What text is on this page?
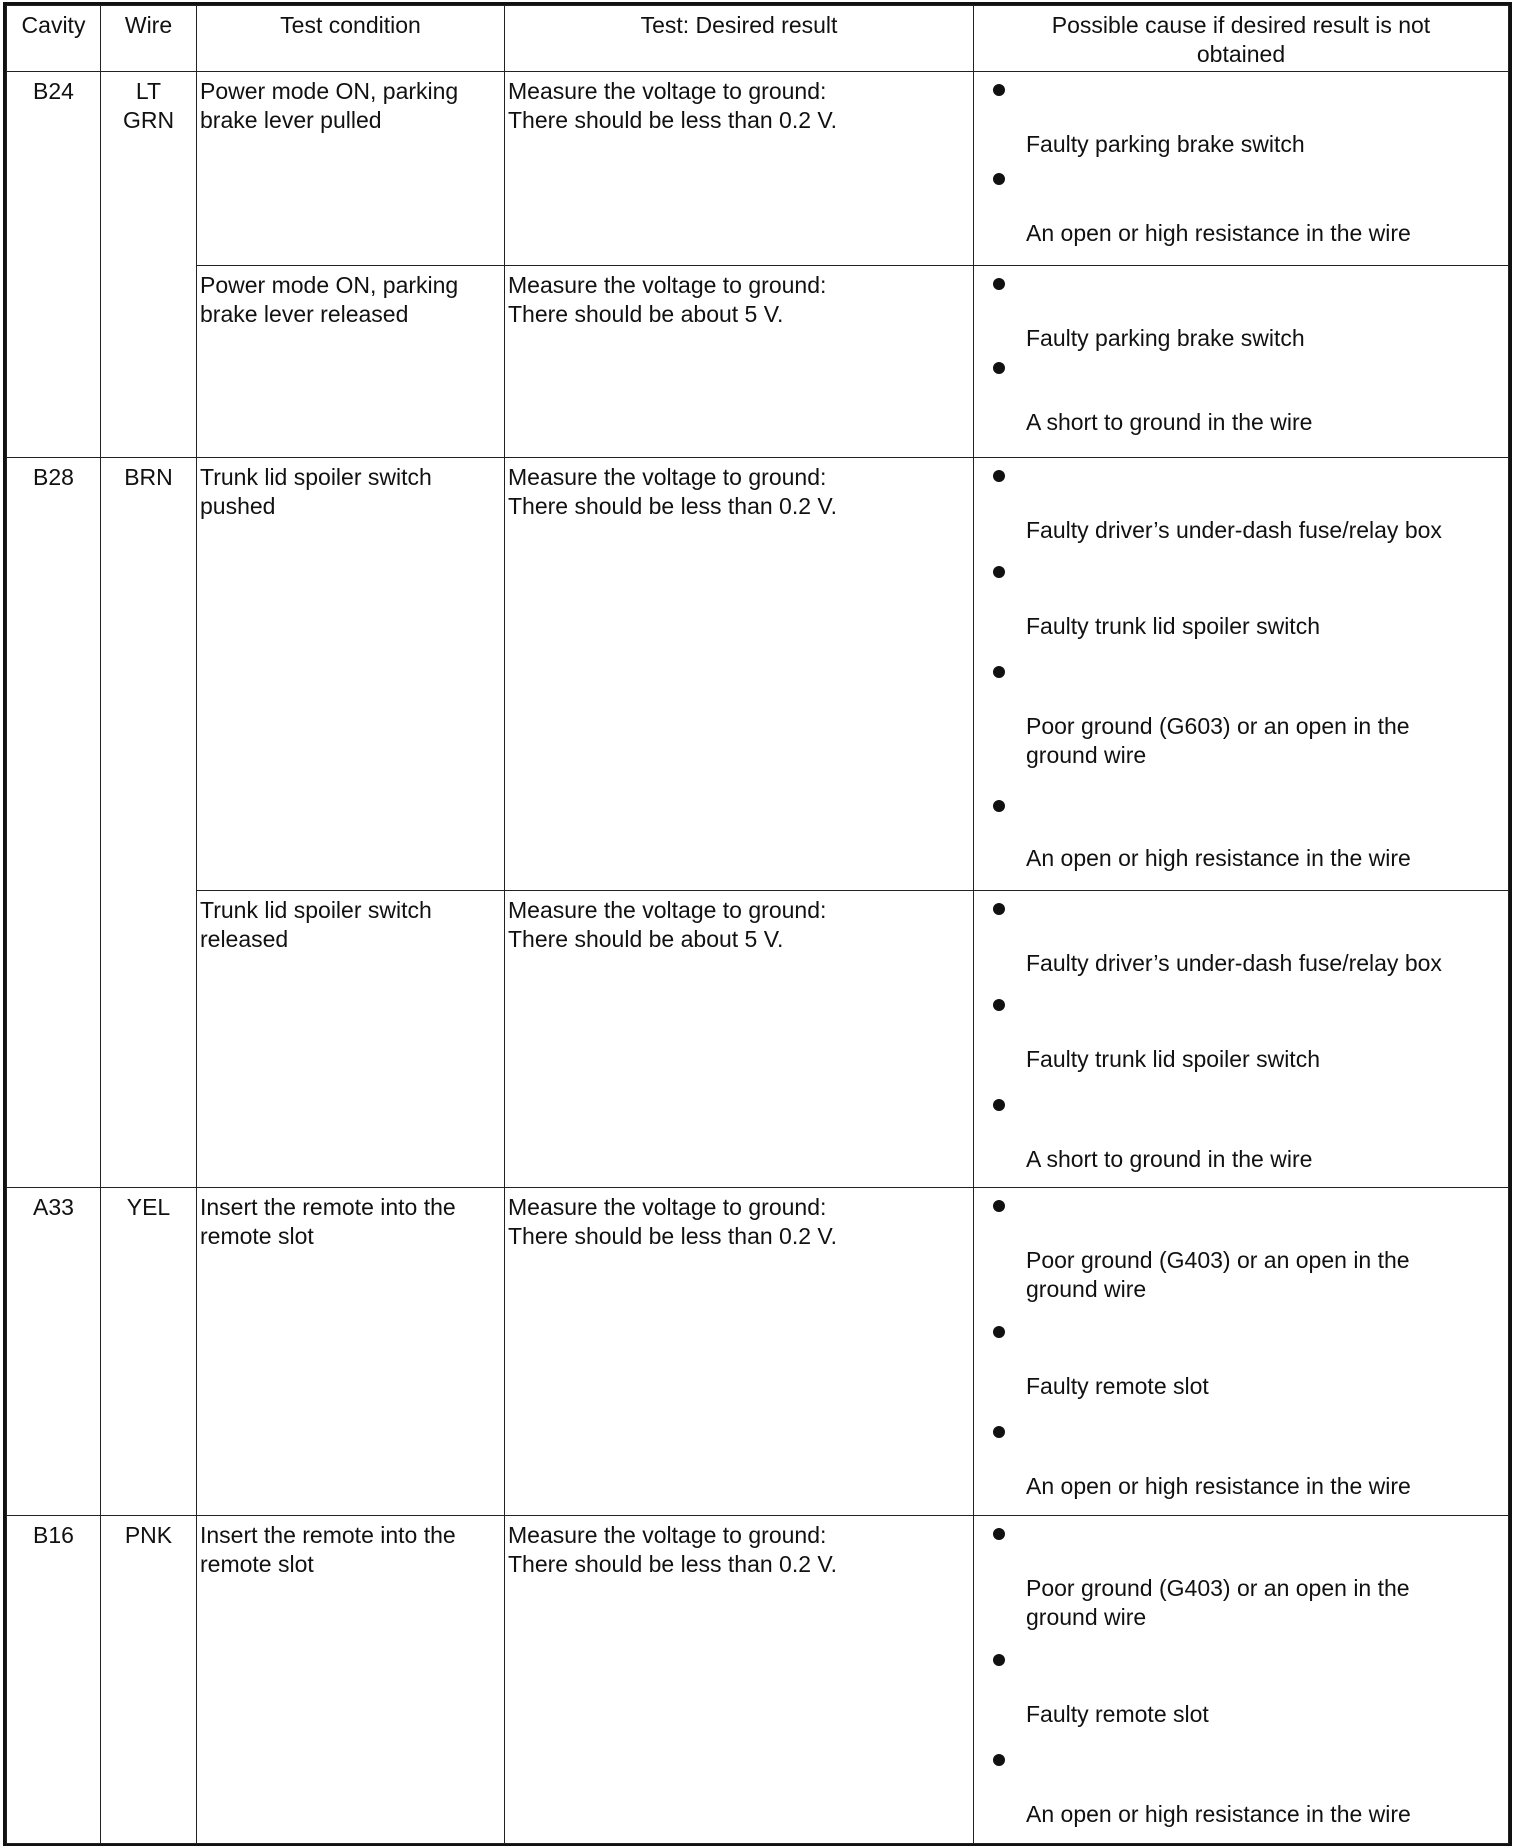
Cavity	Wire	Test condition	Test: Desired result	Possible cause if desired result is not obtained
B24	LT GRN	Power mode ON, parking brake lever pulled	Measure the voltage to ground: There should be less than 0.2 V.	Faulty parking brake switch
An open or high resistance in the wire

		Power mode ON, parking brake lever released	Measure the voltage to ground: There should be about 5 V.	Faulty parking brake switch
A short to ground in the wire

B28	BRN	Trunk lid spoiler switch pushed	Measure the voltage to ground: There should be less than 0.2 V.	Faulty driver’s under-dash fuse/relay box
Faulty trunk lid spoiler switch
Poor ground (G603) or an open in the ground wire
An open or high resistance in the wire

		Trunk lid spoiler switch released	Measure the voltage to ground: There should be about 5 V.	Faulty driver’s under-dash fuse/relay box
Faulty trunk lid spoiler switch
A short to ground in the wire

A33	YEL	Insert the remote into the remote slot	Measure the voltage to ground: There should be less than 0.2 V.	Poor ground (G403) or an open in the ground wire
Faulty remote slot
An open or high resistance in the wire

B16	PNK	Insert the remote into the remote slot	Measure the voltage to ground: There should be less than 0.2 V.	Poor ground (G403) or an open in the ground wire
Faulty remote slot
An open or high resistance in the wire
